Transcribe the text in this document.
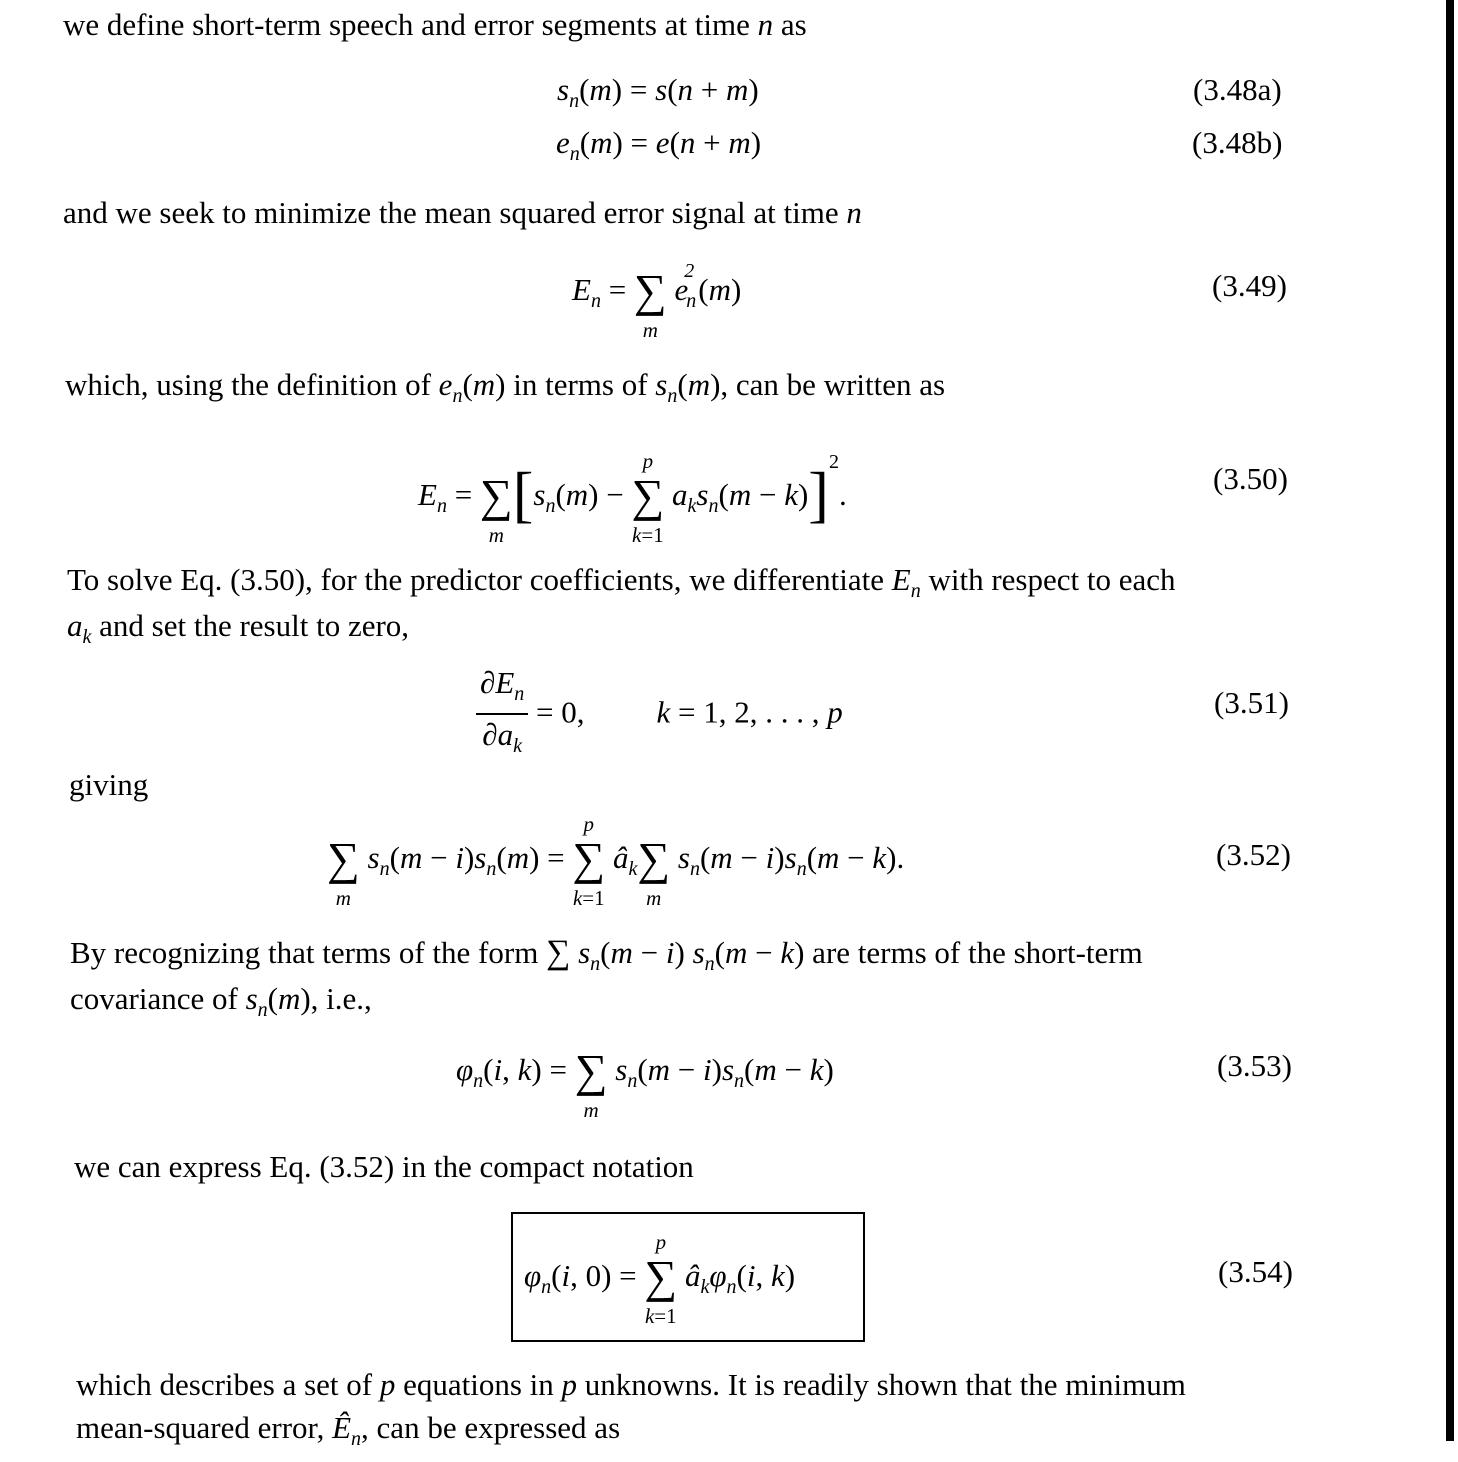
we define short-term speech and error segments at time n as
$s_n(m) = s(n + m)$	(3.48a)
$e_n(m) = e(n + m)$	(3.48b)
and we seek to minimize the mean squared error signal at time n
$E_n$ = ∑
m
$e_n^2(m)$	(3.49)
which, using the definition of $e_n(m)$ in terms of $s_n(m)$, can be written as
$E_n$ = ∑
m
[$s_n(m)$ − ∑
p
k=1
$a_ks_n(m - k)]^2$.	(3.50)
To solve Eq. (3.50), for the predictor coefficients, we differentiate $E_n$ with respect to each
$a_k$ and set the result to zero,
$\frac{\partial E_n}{\partial a_k} = 0$, k = 1, 2, . . . , p	(3.51)
giving
∑
m
$s_n(m - i)s_n(m)$ = ∑
p
k=1
$â_k\sum$
m
$s_n(m - i)s_n(m - k)$.	(3.52)
By recognizing that terms of the form ∑ $s_n(m - i) s_n(m - k)$ are terms of the short-term
covariance of $s_n(m)$, i.e.,
$\varphi_n(i$, k) = ∑
m
$s_n(m - i)s_n(m - k)$	(3.53)
we can express Eq. (3.52) in the compact notation
$\varphi_n(i$, 0) = ∑
p
k=1
$â_k\varphi_n(i$, k)	(3.54)
which describes a set of p equations in p unknowns. It is readily shown that the minimum
mean-squared error, $Ê_n$, can be expressed as
